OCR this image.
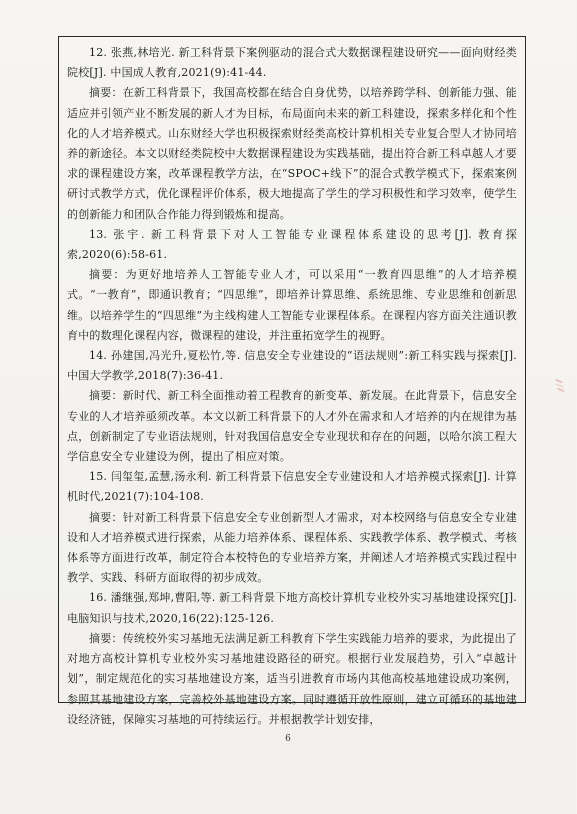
12. 张燕,林培光. 新工科背景下案例驱动的混合式大数据课程建设研究——面向财经类院校[J]. 中国成人教育,2021(9):41-44.

摘要：在新工科背景下，我国高校都在结合自身优势，以培养跨学科、创新能力强、能适应并引领产业不断发展的新人才为目标，布局面向未来的新工科建设，探索多样化和个性化的人才培养模式。山东财经大学也积极探索财经类高校计算机相关专业复合型人才协同培养的新途径。本文以财经类院校中大数据课程建设为实践基础，提出符合新工科卓越人才要求的课程建设方案，改革课程教学方法，在“SPOC+线下”的混合式教学模式下，探索案例研讨式教学方式，优化课程评价体系，极大地提高了学生的学习积极性和学习效率，使学生的创新能力和团队合作能力得到锻炼和提高。

13. 张宇. 新工科背景下对人工智能专业课程体系建设的思考[J]. 教育探索,2020(6):58-61.

摘要：为更好地培养人工智能专业人才，可以采用“一教育四思维”的人才培养模式。“一教育”，即通识教育；“四思维”，即培养计算思维、系统思维、专业思维和创新思维。以培养学生的“四思维”为主线构建人工智能专业课程体系。在课程内容方面关注通识教育中的数理化课程内容，微课程的建设，并注重拓宽学生的视野。

14. 孙建国,冯光升,夏松竹,等. 信息安全专业建设的“语法规则”:新工科实践与探索[J]. 中国大学教学,2018(7):36-41.

摘要：新时代、新工科全面推动着工程教育的新变革、新发展。在此背景下，信息安全专业的人才培养亟须改革。本文以新工科背景下的人才外在需求和人才培养的内在规律为基点，创新制定了专业语法规则，针对我国信息安全专业现状和存在的问题，以哈尔滨工程大学信息安全专业建设为例，提出了相应对策。

15. 闫玺玺,孟慧,汤永利. 新工科背景下信息安全专业建设和人才培养模式探索[J]. 计算机时代,2021(7):104-108.

摘要：针对新工科背景下信息安全专业创新型人才需求，对本校网络与信息安全专业建设和人才培养模式进行探索，从能力培养体系、课程体系、实践教学体系、教学模式、考核体系等方面进行改革，制定符合本校特色的专业培养方案，并阐述人才培养模式实践过程中教学、实践、科研方面取得的初步成效。

16. 潘继强,郑坤,曹阳,等. 新工科背景下地方高校计算机专业校外实习基地建设探究[J]. 电脑知识与技术,2020,16(22):125-126.

摘要：传统校外实习基地无法满足新工科教育下学生实践能力培养的要求，为此提出了对地方高校计算机专业校外实习基地建设路径的研究。根据行业发展趋势，引入“卓越计划”，制定规范化的实习基地建设方案，适当引进教育市场内其他高校基地建设成功案例，参照其基地建设方案，完善校外基地建设方案。同时遵循开放性原则，建立可循环的基地建设经济链，保障实习基地的可持续运行。并根据教学计划安排，

6
⁄⁄ ⁄ ⁄⁄
